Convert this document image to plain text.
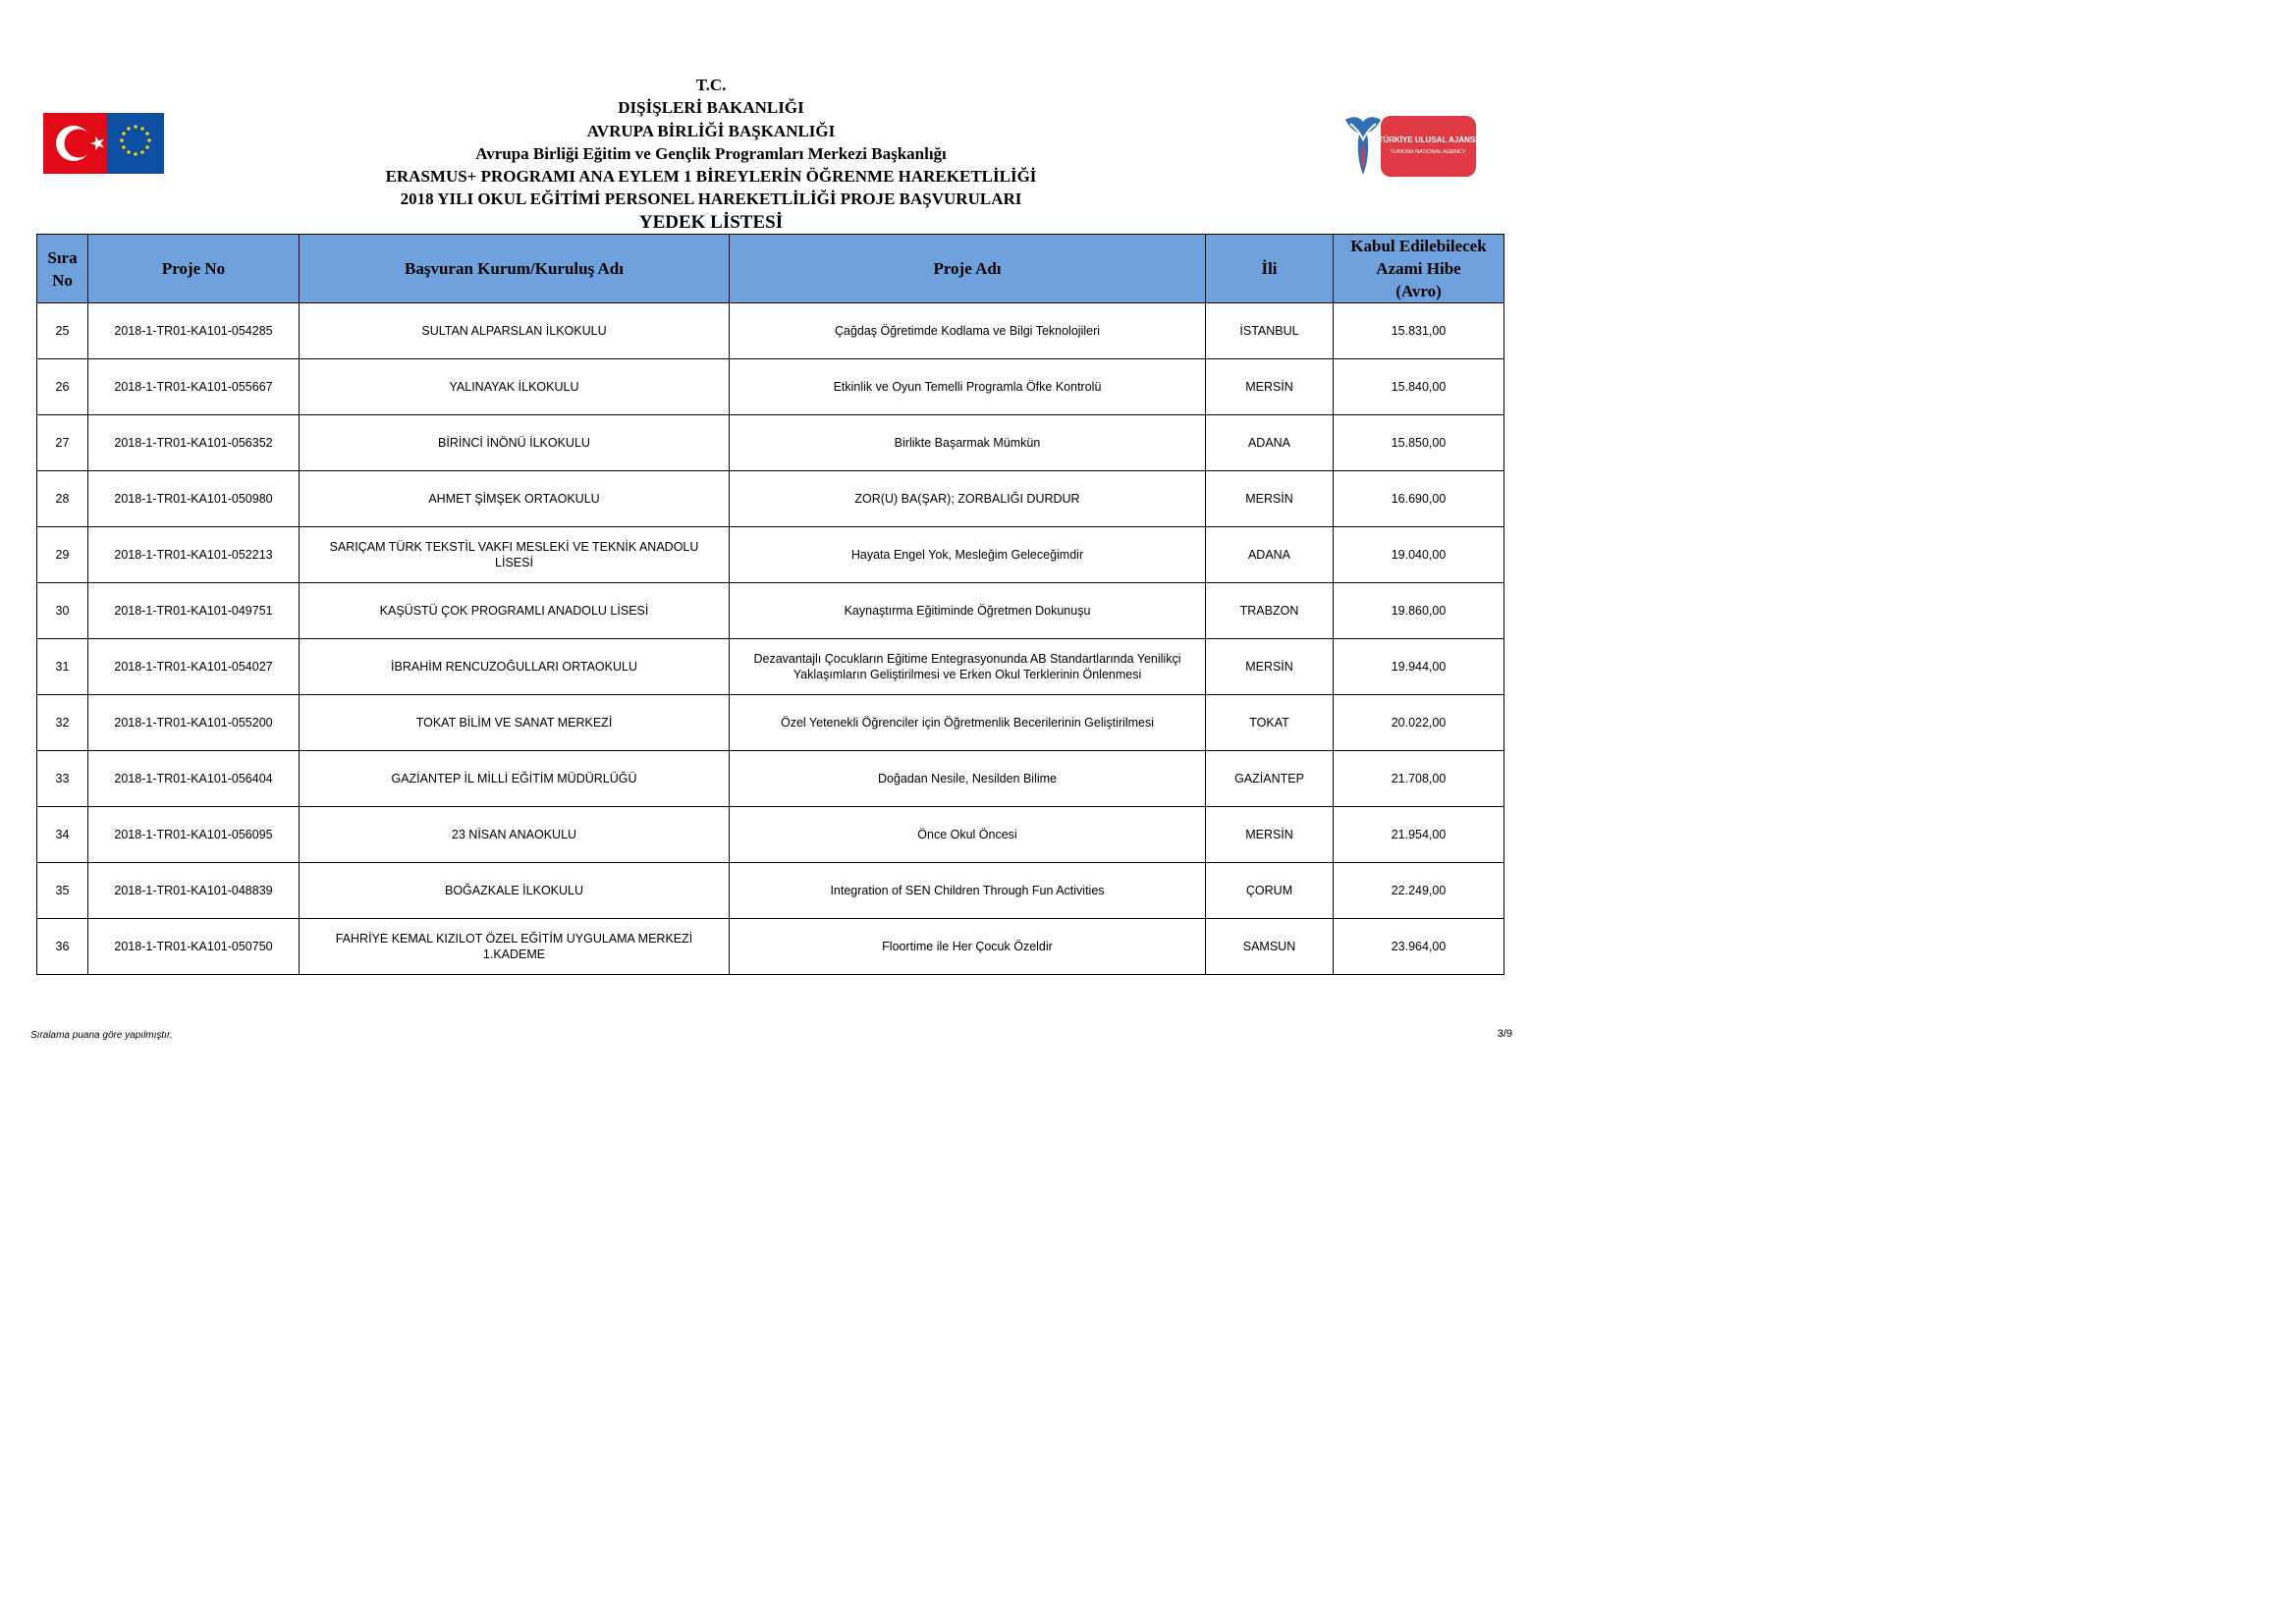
TÜRKİYE ULUSAL AJANSI
TURKISH NATIONAL AGENCY
T.C.
DIŞİŞLERİ BAKANLIĞI
AVRUPA BİRLİĞİ BAŞKANLIĞI
Avrupa Birliği Eğitim ve Gençlik Programları Merkezi Başkanlığı
ERASMUS+ PROGRAMI ANA EYLEM 1 BİREYLERİN ÖĞRENME HAREKETLİLİĞİ
2018 YILI OKUL EĞİTİMİ PERSONEL HAREKETLİLİĞİ PROJE BAŞVURULARI
YEDEK LİSTESİ
Sıra
No	Proje No	Başvuran Kurum/Kuruluş Adı	Proje Adı	İli	Kabul Edilebilecek
Azami Hibe
(Avro)
25	2018-1-TR01-KA101-054285	SULTAN ALPARSLAN İLKOKULU	Çağdaş Öğretimde Kodlama ve Bilgi Teknolojileri	İSTANBUL	15.831,00
26	2018-1-TR01-KA101-055667	YALINAYAK İLKOKULU	Etkinlik ve Oyun Temelli Programla Öfke Kontrolü	MERSİN	15.840,00
27	2018-1-TR01-KA101-056352	BİRİNCİ İNÖNÜ İLKOKULU	Birlikte Başarmak Mümkün	ADANA	15.850,00
28	2018-1-TR01-KA101-050980	AHMET ŞİMŞEK ORTAOKULU	ZOR(U) BA(ŞAR); ZORBALIĞI DURDUR	MERSİN	16.690,00
29	2018-1-TR01-KA101-052213	SARIÇAM TÜRK TEKSTİL VAKFI MESLEKİ VE TEKNİK ANADOLU
LİSESİ	Hayata Engel Yok, Mesleğim Geleceğimdir	ADANA	19.040,00
30	2018-1-TR01-KA101-049751	KAŞÜSTÜ ÇOK PROGRAMLI ANADOLU LİSESİ	Kaynaştırma Eğitiminde Öğretmen Dokunuşu	TRABZON	19.860,00
31	2018-1-TR01-KA101-054027	İBRAHİM RENCUZOĞULLARI ORTAOKULU	Dezavantajlı Çocukların Eğitime Entegrasyonunda AB Standartlarında Yenilikçi
Yaklaşımların Geliştirilmesi ve Erken Okul Terklerinin Önlenmesi	MERSİN	19.944,00
32	2018-1-TR01-KA101-055200	TOKAT BİLİM VE SANAT MERKEZİ	Özel Yetenekli Öğrenciler için Öğretmenlik Becerilerinin Geliştirilmesi	TOKAT	20.022,00
33	2018-1-TR01-KA101-056404	GAZİANTEP İL MİLLİ EĞİTİM MÜDÜRLÜĞÜ	Doğadan Nesile, Nesilden Bilime	GAZİANTEP	21.708,00
34	2018-1-TR01-KA101-056095	23 NİSAN ANAOKULU	Önce Okul Öncesi	MERSİN	21.954,00
35	2018-1-TR01-KA101-048839	BOĞAZKALE İLKOKULU	Integration of SEN Children Through Fun Activities	ÇORUM	22.249,00
36	2018-1-TR01-KA101-050750	FAHRİYE KEMAL KIZILOT ÖZEL EĞİTİM UYGULAMA MERKEZİ
1.KADEME	Floortime ile Her Çocuk Özeldir	SAMSUN	23.964,00
Sıralama puana göre yapılmıştır.	3/9
